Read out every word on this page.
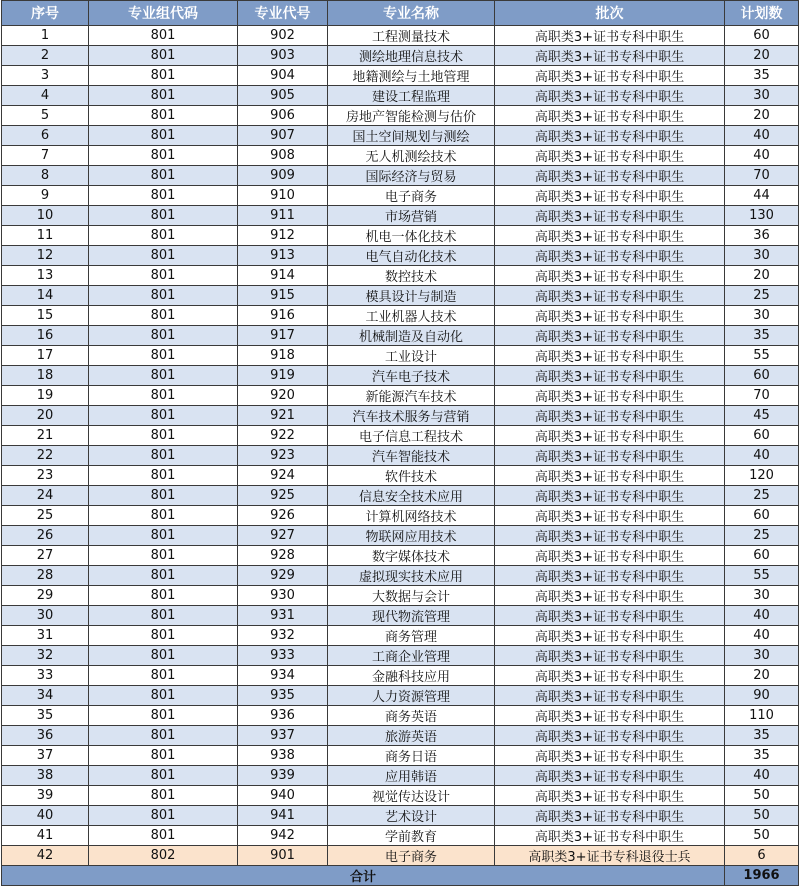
序号	专业组代码	专业代号	专业名称	批次	计划数
1	801	902	工程测量技术	高职类3+证书专科中职生	60
2	801	903	测绘地理信息技术	高职类3+证书专科中职生	20
3	801	904	地籍测绘与土地管理	高职类3+证书专科中职生	35
4	801	905	建设工程监理	高职类3+证书专科中职生	30
5	801	906	房地产智能检测与估价	高职类3+证书专科中职生	20
6	801	907	国土空间规划与测绘	高职类3+证书专科中职生	40
7	801	908	无人机测绘技术	高职类3+证书专科中职生	40
8	801	909	国际经济与贸易	高职类3+证书专科中职生	70
9	801	910	电子商务	高职类3+证书专科中职生	44
10	801	911	市场营销	高职类3+证书专科中职生	130
11	801	912	机电一体化技术	高职类3+证书专科中职生	36
12	801	913	电气自动化技术	高职类3+证书专科中职生	30
13	801	914	数控技术	高职类3+证书专科中职生	20
14	801	915	模具设计与制造	高职类3+证书专科中职生	25
15	801	916	工业机器人技术	高职类3+证书专科中职生	30
16	801	917	机械制造及自动化	高职类3+证书专科中职生	35
17	801	918	工业设计	高职类3+证书专科中职生	55
18	801	919	汽车电子技术	高职类3+证书专科中职生	60
19	801	920	新能源汽车技术	高职类3+证书专科中职生	70
20	801	921	汽车技术服务与营销	高职类3+证书专科中职生	45
21	801	922	电子信息工程技术	高职类3+证书专科中职生	60
22	801	923	汽车智能技术	高职类3+证书专科中职生	40
23	801	924	软件技术	高职类3+证书专科中职生	120
24	801	925	信息安全技术应用	高职类3+证书专科中职生	25
25	801	926	计算机网络技术	高职类3+证书专科中职生	60
26	801	927	物联网应用技术	高职类3+证书专科中职生	25
27	801	928	数字媒体技术	高职类3+证书专科中职生	60
28	801	929	虚拟现实技术应用	高职类3+证书专科中职生	55
29	801	930	大数据与会计	高职类3+证书专科中职生	30
30	801	931	现代物流管理	高职类3+证书专科中职生	40
31	801	932	商务管理	高职类3+证书专科中职生	40
32	801	933	工商企业管理	高职类3+证书专科中职生	30
33	801	934	金融科技应用	高职类3+证书专科中职生	20
34	801	935	人力资源管理	高职类3+证书专科中职生	90
35	801	936	商务英语	高职类3+证书专科中职生	110
36	801	937	旅游英语	高职类3+证书专科中职生	35
37	801	938	商务日语	高职类3+证书专科中职生	35
38	801	939	应用韩语	高职类3+证书专科中职生	40
39	801	940	视觉传达设计	高职类3+证书专科中职生	50
40	801	941	艺术设计	高职类3+证书专科中职生	50
41	801	942	学前教育	高职类3+证书专科中职生	50
42	802	901	电子商务	高职类3+证书专科退役士兵	6
合计					1966
